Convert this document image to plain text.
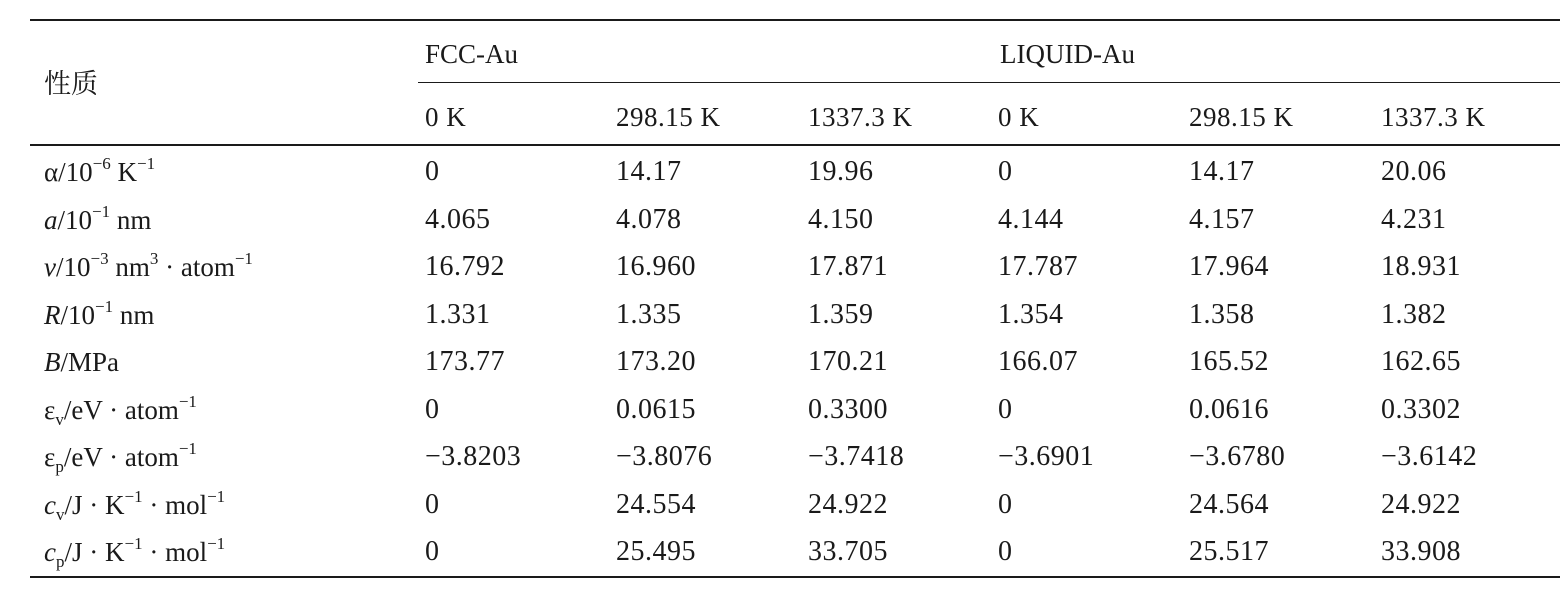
性质
FCC-Au	LIQUID-Au
0 K	298.15 K	1337.3 K	0 K	298.15 K	1337.3 K
$\alpha/10^{-6}$ $K^{-1}$	0	14.17	19.96	0	14.17	20.06
$a/10^{-1}$ nm	4.065	4.078	4.150	4.144	4.157	4.231
$v/10^{-3}$ $nm^3$ · atom$^{-1}$	16.792	16.960	17.871	17.787	17.964	18.931
$R/10^{-1}$ nm	1.331	1.335	1.359	1.354	1.358	1.382
B/MPa	173.77	173.20	170.21	166.07	165.52	162.65
$\varepsilon_v/eV$ · atom$^{-1}$	0	0.0615	0.3300	0	0.0616	0.3302
$\varepsilon_p/eV$ · atom$^{-1}$	−3.8203	−3.8076	−3.7418	−3.6901	−3.6780	−3.6142
$c_v/J \cdot K^{-1} \cdot mol^{-1}$	0	24.554	24.922	0	24.564	24.922
$c_p/J \cdot K^{-1} \cdot mol^{-1}$	0	25.495	33.705	0	25.517	33.908
